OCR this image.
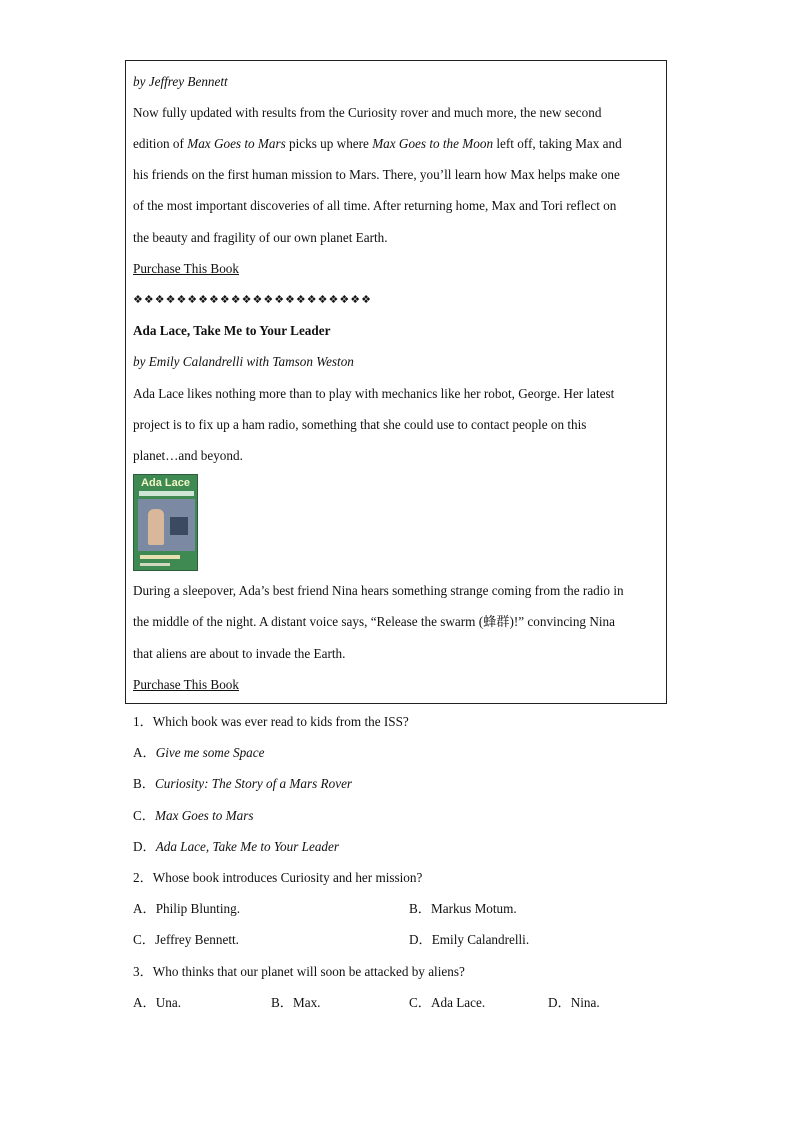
by Jeffrey Bennett
Now fully updated with results from the Curiosity rover and much more, the new second
edition of Max Goes to Mars picks up where Max Goes to the Moon left off, taking Max and
his friends on the first human mission to Mars. There, you’ll learn how Max helps make one
of the most important discoveries of all time. After returning home, Max and Tori reflect on
the beauty and fragility of our own planet Earth.
Purchase This Book
❖❖❖❖❖❖❖❖❖❖❖❖❖❖❖❖❖❖❖❖❖❖
Ada Lace, Take Me to Your Leader
by Emily Calandrelli with Tamson Weston
Ada Lace likes nothing more than to play with mechanics like her robot, George. Her latest
project is to fix up a ham radio, something that she could use to contact people on this
planet…and beyond.
Ada Lace
During a sleepover, Ada’s best friend Nina hears something strange coming from the radio in
the middle of the night. A distant voice says, “Release the swarm (蜂群)!” convincing Nina
that aliens are about to invade the Earth.
Purchase This Book
1．Which book was ever read to kids from the ISS?
A．Give me some Space
B．Curiosity: The Story of a Mars Rover
C．Max Goes to Mars
D．Ada Lace, Take Me to Your Leader
2．Whose book introduces Curiosity and her mission?
A．Philip Blunting.	B．Markus Motum.
C．Jeffrey Bennett.	D．Emily Calandrelli.
3．Who thinks that our planet will soon be attacked by aliens?
A．Una.	B．Max.	C．Ada Lace.	D．Nina.
